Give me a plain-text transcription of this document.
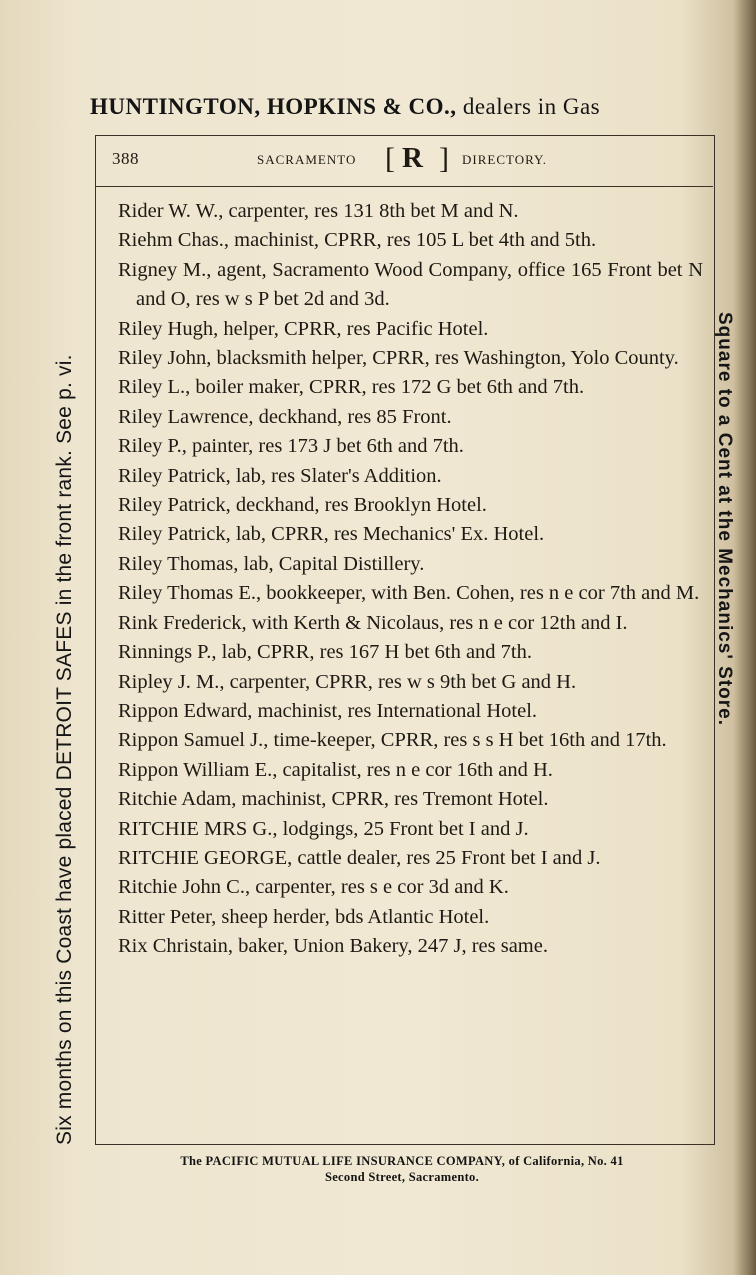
HUNTINGTON, HOPKINS & CO., dealers in Gas
Six months on this Coast have placed DETROIT SAFES in the front rank. See p. vi.	Square to a Cent at the Mechanics' Store.
388	SACRAMENTO [ R ] DIRECTORY.
Rider W. W., carpenter, res 131 8th bet M and N.
Riehm Chas., machinist, CPRR, res 105 L bet 4th and 5th.
Rigney M., agent, Sacramento Wood Company, office 165 Front bet N and O, res w s P bet 2d and 3d.
Riley Hugh, helper, CPRR, res Pacific Hotel.
Riley John, blacksmith helper, CPRR, res Washington, Yolo County.
Riley L., boiler maker, CPRR, res 172 G bet 6th and 7th.
Riley Lawrence, deckhand, res 85 Front.
Riley P., painter, res 173 J bet 6th and 7th.
Riley Patrick, lab, res Slater's Addition.
Riley Patrick, deckhand, res Brooklyn Hotel.
Riley Patrick, lab, CPRR, res Mechanics' Ex. Hotel.
Riley Thomas, lab, Capital Distillery.
Riley Thomas E., bookkeeper, with Ben. Cohen, res n e cor 7th and M.
Rink Frederick, with Kerth & Nicolaus, res n e cor 12th and I.
Rinnings P., lab, CPRR, res 167 H bet 6th and 7th.
Ripley J. M., carpenter, CPRR, res w s 9th bet G and H.
Rippon Edward, machinist, res International Hotel.
Rippon Samuel J., time-keeper, CPRR, res s s H bet 16th and 17th.
Rippon William E., capitalist, res n e cor 16th and H.
Ritchie Adam, machinist, CPRR, res Tremont Hotel.
RITCHIE MRS G., lodgings, 25 Front bet I and J.
RITCHIE GEORGE, cattle dealer, res 25 Front bet I and J.
Ritchie John C., carpenter, res s e cor 3d and K.
Ritter Peter, sheep herder, bds Atlantic Hotel.
Rix Christain, baker, Union Bakery, 247 J, res same.
The PACIFIC MUTUAL LIFE INSURANCE COMPANY, of California, No. 41
Second Street, Sacramento.
